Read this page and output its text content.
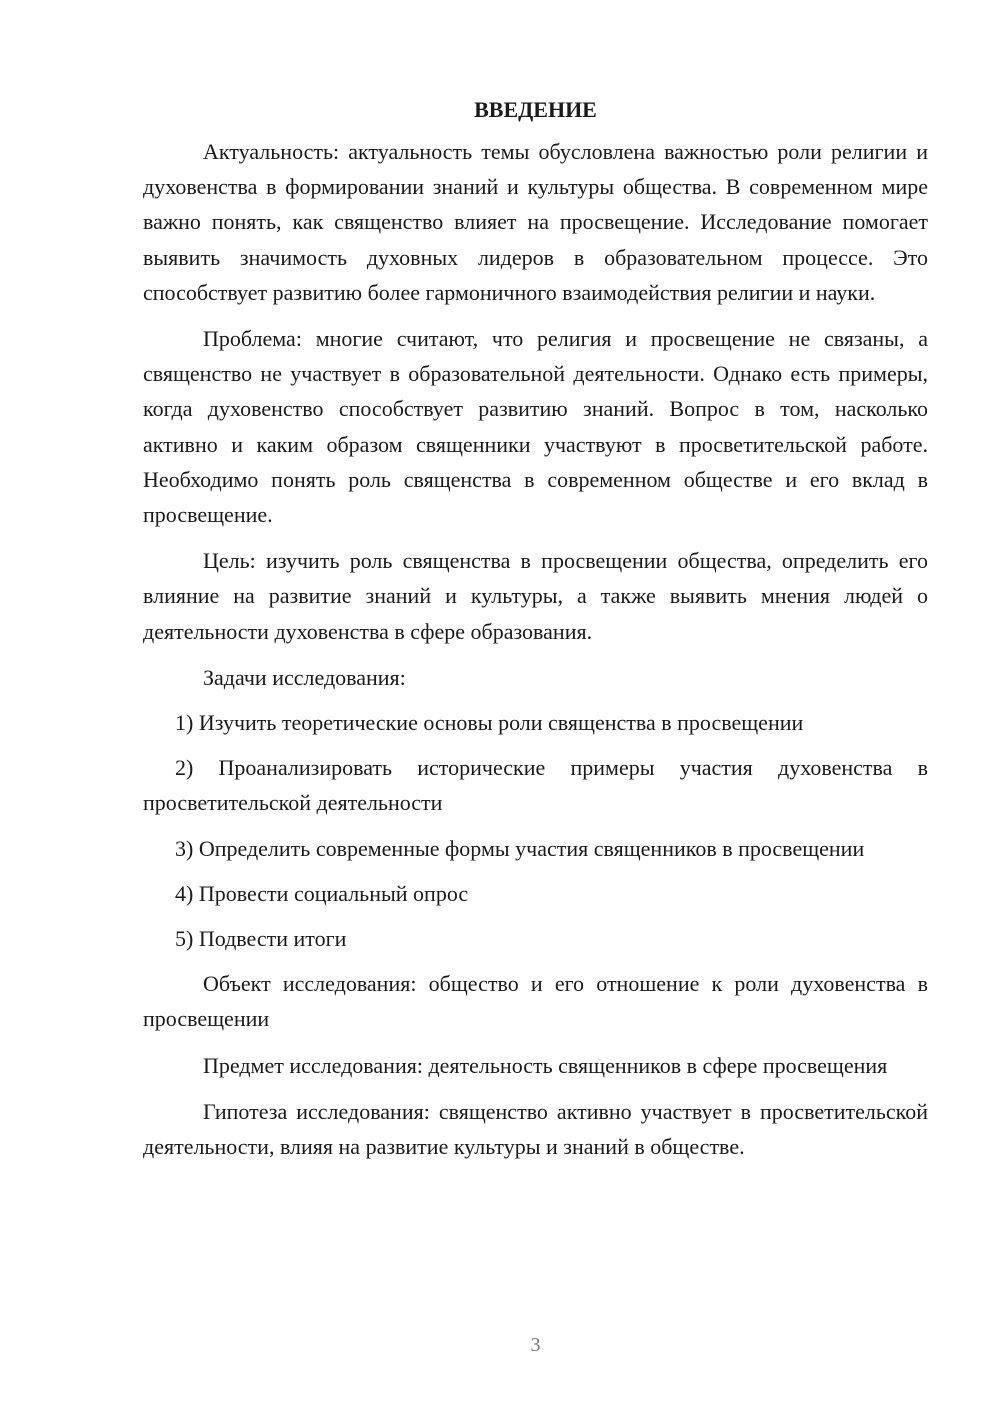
ВВЕДЕНИЕ

Актуальность: актуальность темы обусловлена важностью роли религии и духовенства в формировании знаний и культуры общества. В современном мире важно понять, как священство влияет на просвещение. Исследование помогает выявить значимость духовных лидеров в образовательном процессе. Это способствует развитию более гармоничного взаимодействия религии и науки.

Проблема: многие считают, что религия и просвещение не связаны, а священство не участвует в образовательной деятельности. Однако есть примеры, когда духовенство способствует развитию знаний. Вопрос в том, насколько активно и каким образом священники участвуют в просветительской работе. Необходимо понять роль священства в современном обществе и его вклад в просвещение.

Цель: изучить роль священства в просвещении общества, определить его влияние на развитие знаний и культуры, а также выявить мнения людей о деятельности духовенства в сфере образования.

Задачи исследования:

1) Изучить теоретические основы роли священства в просвещении

2) Проанализировать исторические примеры участия духовенства в просветительской деятельности

3) Определить современные формы участия священников в просвещении

4) Провести социальный опрос

5) Подвести итоги

Объект исследования: общество и его отношение к роли духовенства в просвещении

Предмет исследования: деятельность священников в сфере просвещения

Гипотеза исследования: священство активно участвует в просветительской деятельности, влияя на развитие культуры и знаний в обществе.

3
